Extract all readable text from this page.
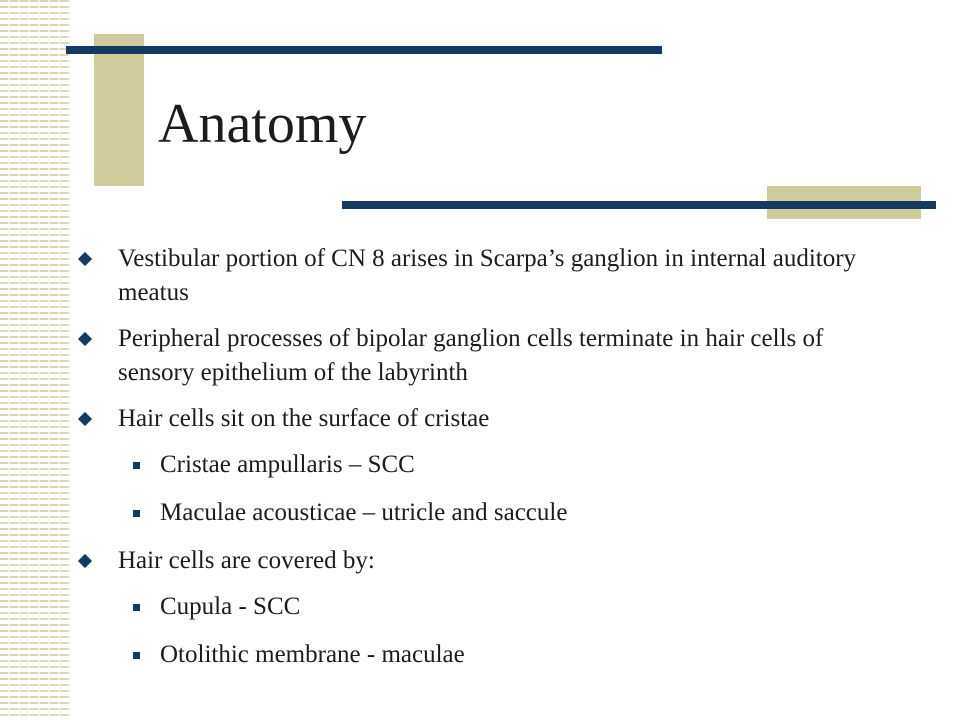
Anatomy
Vestibular portion of CN 8 arises in Scarpa’s ganglion in internal auditory meatus
Peripheral processes of bipolar ganglion cells terminate in hair cells of sensory epithelium of the labyrinth
Hair cells sit on the surface of cristae
Cristae ampullaris – SCC
Maculae acousticae – utricle and saccule
Hair cells are covered by:
Cupula - SCC
Otolithic membrane - maculae
